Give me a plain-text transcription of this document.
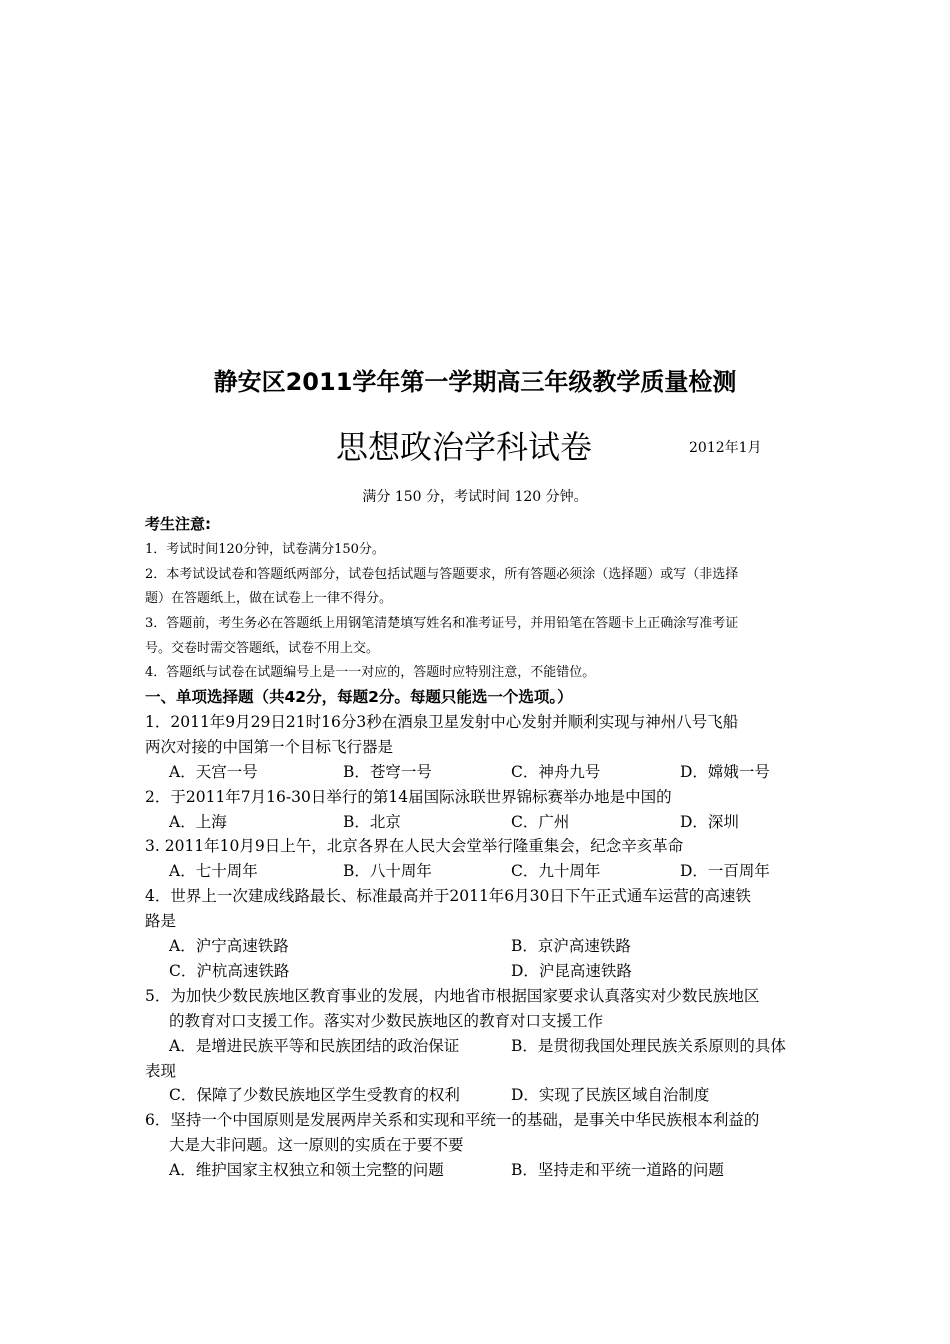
静安区2011学年第一学期高三年级教学质量检测
思想政治学科试卷	2012年1月
满分 150 分，考试时间 120 分钟。
考生注意:
1．考试时间120分钟，试卷满分150分。
2．本考试设试卷和答题纸两部分，试卷包括试题与答题要求，所有答题必须涂（选择题）或写（非选择
题）在答题纸上，做在试卷上一律不得分。
3．答题前，考生务必在答题纸上用钢笔清楚填写姓名和准考证号，并用铅笔在答题卡上正确涂写准考证
号。交卷时需交答题纸，试卷不用上交。
4．答题纸与试卷在试题编号上是一一对应的，答题时应特别注意，不能错位。
一、单项选择题（共42分，每题2分。每题只能选一个选项。）
1．2011年9月29日21时16分3秒在酒泉卫星发射中心发射并顺利实现与神州八号飞船
两次对接的中国第一个目标飞行器是
A．天宫一号	B．苍穹一号	C．神舟九号	D．嫦娥一号
2．于2011年7月16-30日举行的第14届国际泳联世界锦标赛举办地是中国的
A．上海	B．北京	C．广州	D．深圳
3. 2011年10月9日上午，北京各界在人民大会堂举行隆重集会，纪念辛亥革命
A．七十周年	B．八十周年	C．九十周年	D．一百周年
4．世界上一次建成线路最长、标准最高并于2011年6月30日下午正式通车运营的高速铁
路是
A．沪宁高速铁路	B．京沪高速铁路
C．沪杭高速铁路	D．沪昆高速铁路
5．为加快少数民族地区教育事业的发展，内地省市根据国家要求认真落实对少数民族地区
的教育对口支援工作。落实对少数民族地区的教育对口支援工作
A．是增进民族平等和民族团结的政治保证	B．是贯彻我国处理民族关系原则的具体
表现
C．保障了少数民族地区学生受教育的权利	D．实现了民族区域自治制度
6．坚持一个中国原则是发展两岸关系和实现和平统一的基础，是事关中华民族根本利益的
大是大非问题。这一原则的实质在于要不要
A．维护国家主权独立和领土完整的问题	B．坚持走和平统一道路的问题
